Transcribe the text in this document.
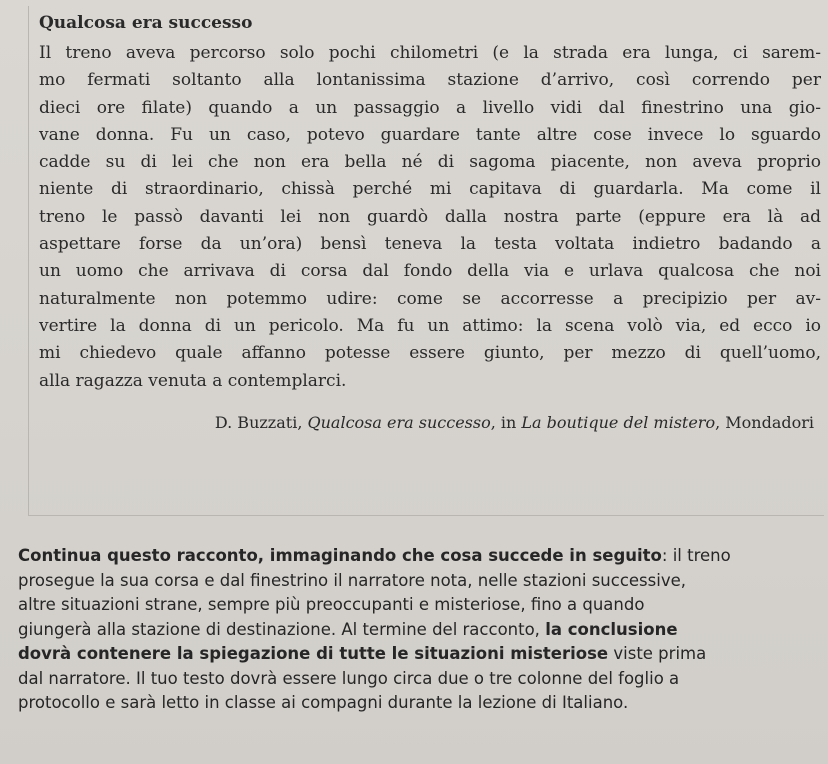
Qualcosa era successo
Il treno aveva percorso solo pochi chilometri (e la strada era lunga, ci sarem-
mo fermati soltanto alla lontanissima stazione d’arrivo, così correndo per
dieci ore filate) quando a un passaggio a livello vidi dal finestrino una gio-
vane donna. Fu un caso, potevo guardare tante altre cose invece lo sguardo
cadde su di lei che non era bella né di sagoma piacente, non aveva proprio
niente di straordinario, chissà perché mi capitava di guardarla. Ma come il
treno le passò davanti lei non guardò dalla nostra parte (eppure era là ad
aspettare forse da un’ora) bensì teneva la testa voltata indietro badando a
un uomo che arrivava di corsa dal fondo della via e urlava qualcosa che noi
naturalmente non potemmo udire: come se accorresse a precipizio per av-
vertire la donna di un pericolo. Ma fu un attimo: la scena volò via, ed ecco io
mi chiedevo quale affanno potesse essere giunto, per mezzo di quell’uomo,
alla ragazza venuta a contemplarci.
D. Buzzati, Qualcosa era successo, in La boutique del mistero, Mondadori
Continua questo racconto, immaginando che cosa succede in seguito: il treno
prosegue la sua corsa e dal finestrino il narratore nota, nelle stazioni successive,
altre situazioni strane, sempre più preoccupanti e misteriose, fino a quando
giungerà alla stazione di destinazione. Al termine del racconto, la conclusione
dovrà contenere la spiegazione di tutte le situazioni misteriose viste prima
dal narratore. Il tuo testo dovrà essere lungo circa due o tre colonne del foglio a
protocollo e sarà letto in classe ai compagni durante la lezione di Italiano.
